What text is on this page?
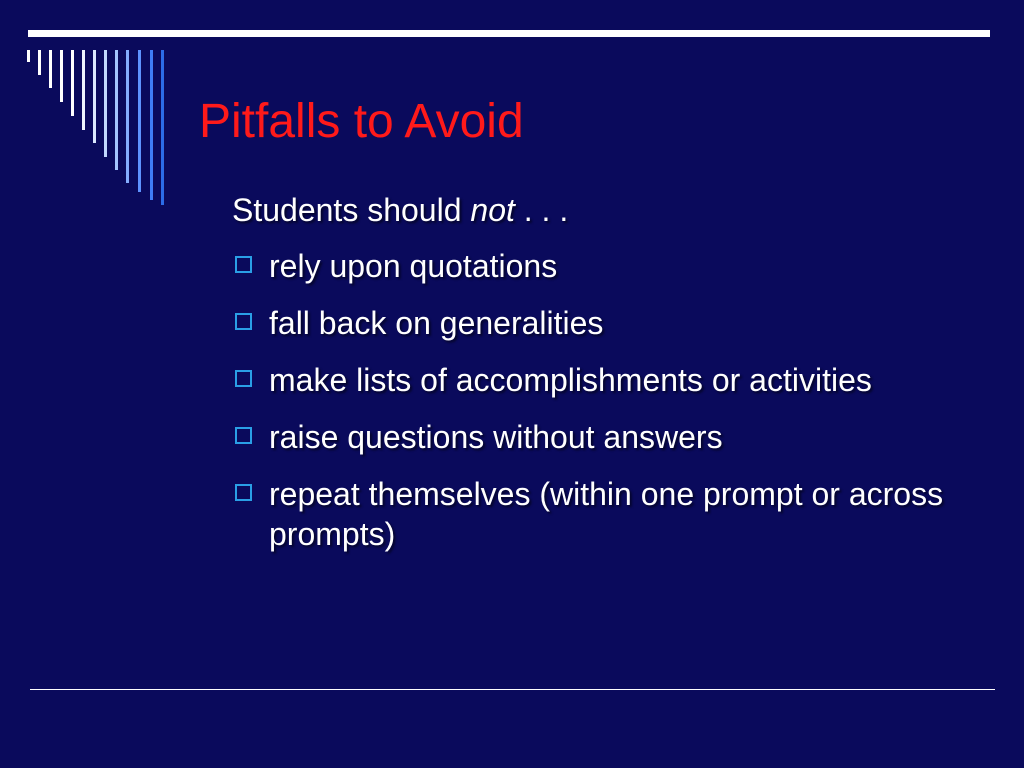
Pitfalls to Avoid

Students should not . . .

rely upon quotations
fall back on generalities
make lists of accomplishments or activities
raise questions without answers
repeat themselves (within one prompt or across prompts)
